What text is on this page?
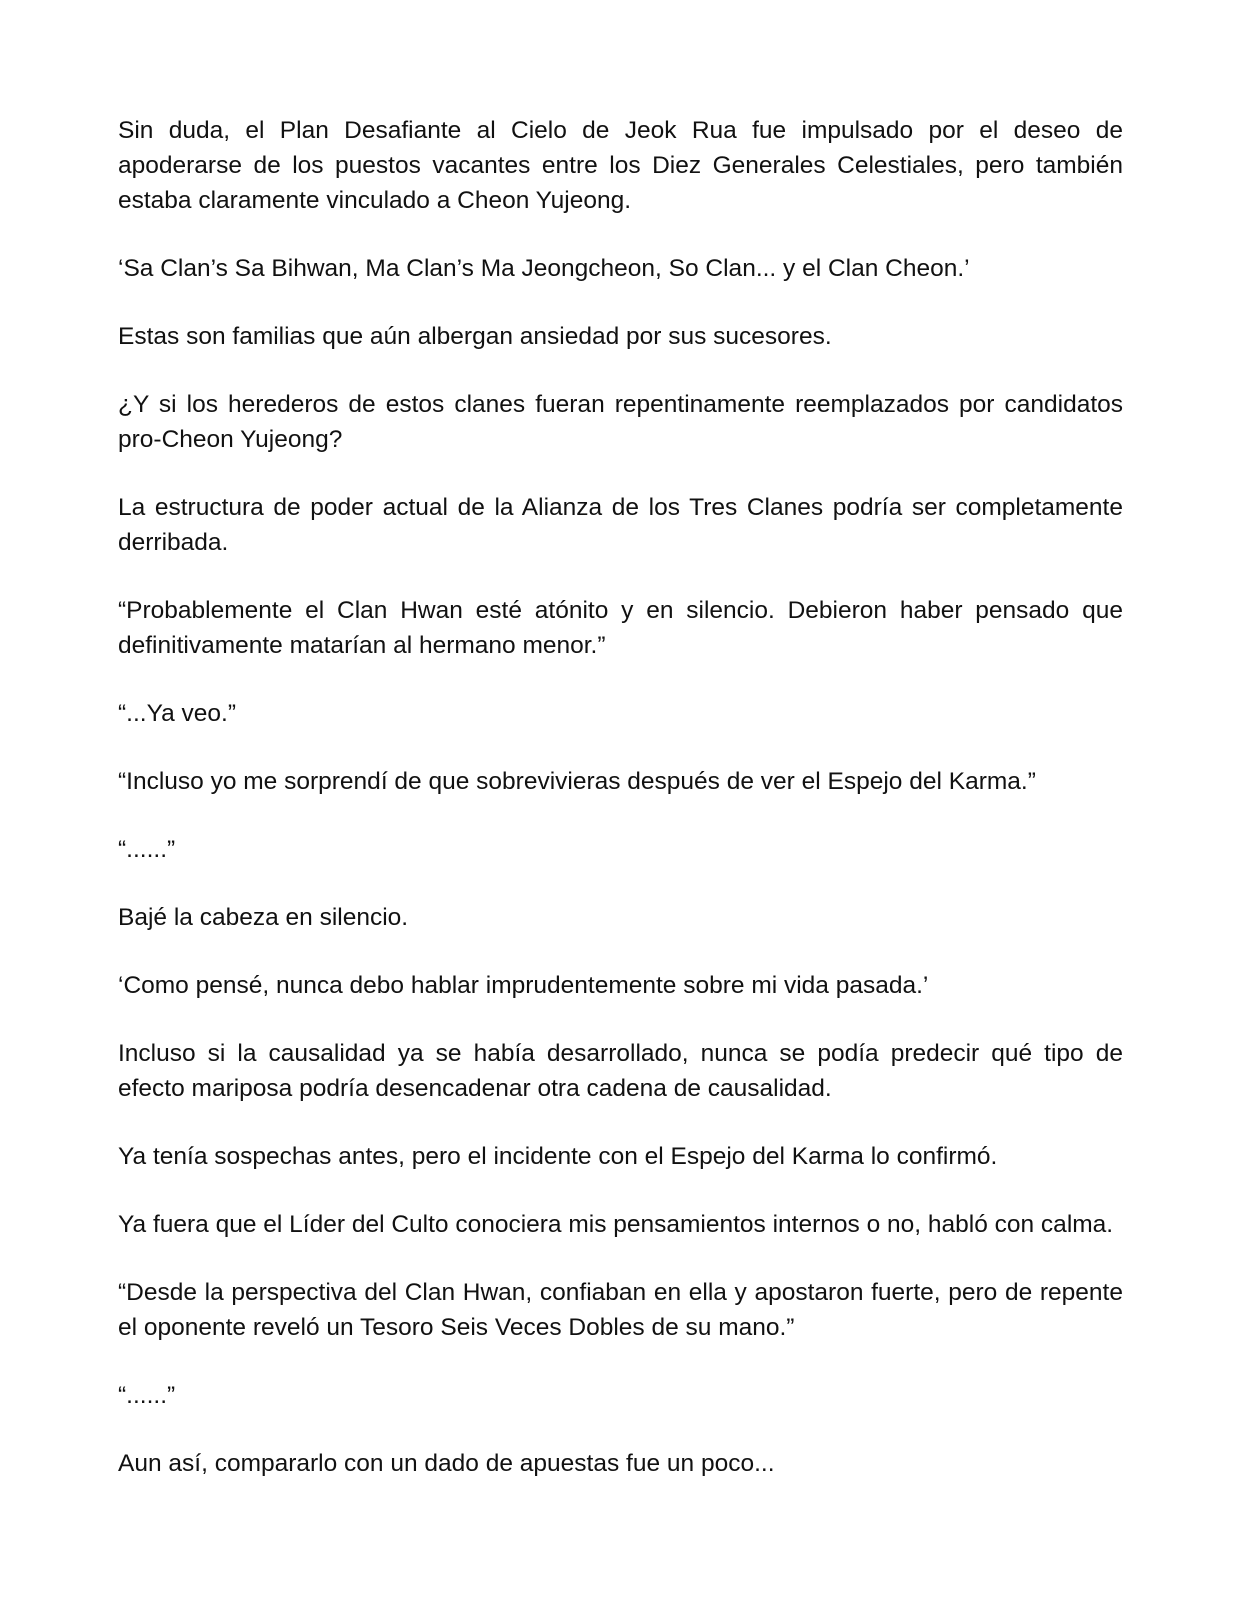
Sin duda, el Plan Desafiante al Cielo de Jeok Rua fue impulsado por el deseo de apoderarse de los puestos vacantes entre los Diez Generales Celestiales, pero también estaba claramente vinculado a Cheon Yujeong.

‘Sa Clan’s Sa Bihwan, Ma Clan’s Ma Jeongcheon, So Clan... y el Clan Cheon.’

Estas son familias que aún albergan ansiedad por sus sucesores.

¿Y si los herederos de estos clanes fueran repentinamente reemplazados por candidatos pro-Cheon Yujeong?

La estructura de poder actual de la Alianza de los Tres Clanes podría ser completamente derribada.

“Probablemente el Clan Hwan esté atónito y en silencio. Debieron haber pensado que definitivamente matarían al hermano menor.”

“...Ya veo.”

“Incluso yo me sorprendí de que sobrevivieras después de ver el Espejo del Karma.”

“......”

Bajé la cabeza en silencio.

‘Como pensé, nunca debo hablar imprudentemente sobre mi vida pasada.’

Incluso si la causalidad ya se había desarrollado, nunca se podía predecir qué tipo de efecto mariposa podría desencadenar otra cadena de causalidad.

Ya tenía sospechas antes, pero el incidente con el Espejo del Karma lo confirmó.

Ya fuera que el Líder del Culto conociera mis pensamientos internos o no, habló con calma.

“Desde la perspectiva del Clan Hwan, confiaban en ella y apostaron fuerte, pero de repente el oponente reveló un Tesoro Seis Veces Dobles de su mano.”

“......”

Aun así, compararlo con un dado de apuestas fue un poco...
